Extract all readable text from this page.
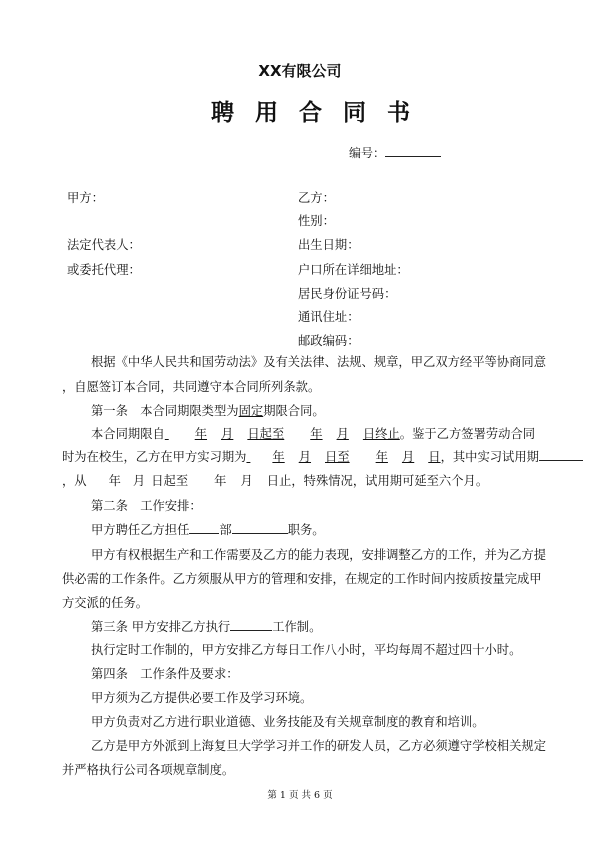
XX有限公司
聘用合同书
编号：
甲方：
法定代表人：
或委托代理：
乙方：
性别：
出生日期：
户口所在详细地址：
居民身份证号码：
通讯住址：
邮政编码：
根据《中华人民共和国劳动法》及有关法律、法规、规章，甲乙双方经平等协商同意
，自愿签订本合同，共同遵守本合同所列条款。
第一条　本合同期限类型为固定期限合同。
本合同期限自 年 月 日起至 年 月 日终止。鉴于乙方签署劳动合同
时为在校生，乙方在甲方实习期为 年 月 日至 年 月 日，其中实习试用期
，从 年 月 日起至 年 月 日止，特殊情况，试用期可延至六个月。
第二条　工作安排：
甲方聘任乙方担任 部	职务。
甲方有权根据生产和工作需要及乙方的能力表现，安排调整乙方的工作，并为乙方提
供必需的工作条件。乙方须服从甲方的管理和安排，在规定的工作时间内按质按量完成甲
方交派的任务。
第三条 甲方安排乙方执行	工作制。
执行定时工作制的，甲方安排乙方每日工作八小时，平均每周不超过四十小时。
第四条　工作条件及要求：
甲方须为乙方提供必要工作及学习环境。
甲方负责对乙方进行职业道德、业务技能及有关规章制度的教育和培训。
乙方是甲方外派到上海复旦大学学习并工作的研发人员，乙方必须遵守学校相关规定
并严格执行公司各项规章制度。
第 1 页 共 6 页
